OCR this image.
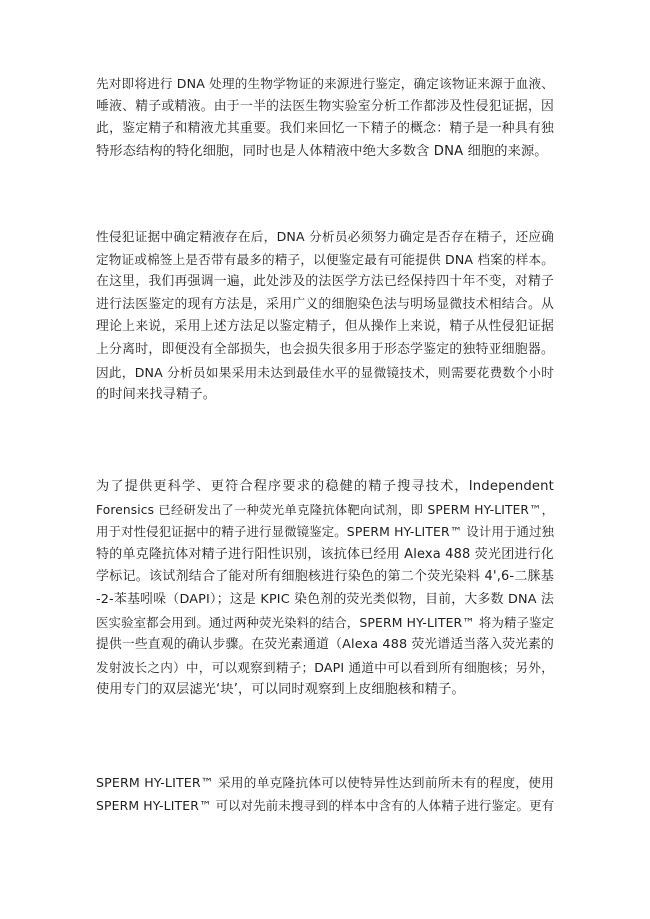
先对即将进行 DNA 处理的生物学物证的来源进行鉴定，确定该物证来源于血液、
唾液、精子或精液。由于一半的法医生物实验室分析工作都涉及性侵犯证据，因
此，鉴定精子和精液尤其重要。我们来回忆一下精子的概念：精子是一种具有独
特形态结构的特化细胞，同时也是人体精液中绝大多数含 DNA 细胞的来源。

性侵犯证据中确定精液存在后，DNA 分析员必须努力确定是否存在精子，还应确
定物证或棉签上是否带有最多的精子，以便鉴定最有可能提供 DNA 档案的样本。
在这里，我们再强调一遍，此处涉及的法医学方法已经保持四十年不变，对精子
进行法医鉴定的现有方法是，采用广义的细胞染色法与明场显微技术相结合。从
理论上来说，采用上述方法足以鉴定精子，但从操作上来说，精子从性侵犯证据
上分离时，即便没有全部损失，也会损失很多用于形态学鉴定的独特亚细胞器。
因此，DNA 分析员如果采用未达到最佳水平的显微镜技术，则需要花费数个小时
的时间来找寻精子。

为了提供更科学、更符合程序要求的稳健的精子搜寻技术，Independent
Forensics 已经研发出了一种荧光单克隆抗体靶向试剂，即 SPERM HY-LITER™，
用于对性侵犯证据中的精子进行显微镜鉴定。SPERM HY-LITER™ 设计用于通过独
特的单克隆抗体对精子进行阳性识别，该抗体已经用 Alexa 488 荧光团进行化
学标记。该试剂结合了能对所有细胞核进行染色的第二个荧光染料 4',6-二脒基
-2-苯基吲哚（DAPI）；这是 KPIC 染色剂的荧光类似物，目前，大多数 DNA 法
医实验室都会用到。通过两种荧光染料的结合，SPERM HY-LITER™ 将为精子鉴定
提供一些直观的确认步骤。在荧光素通道（Alexa 488 荧光谱适当落入荧光素的
发射波长之内）中，可以观察到精子；DAPI 通道中可以看到所有细胞核；另外，
使用专门的双层滤光‘块’，可以同时观察到上皮细胞核和精子。

SPERM HY-LITER™ 采用的单克隆抗体可以使特异性达到前所未有的程度，使用
SPERM HY-LITER™ 可以对先前未搜寻到的样本中含有的人体精子进行鉴定。更有
